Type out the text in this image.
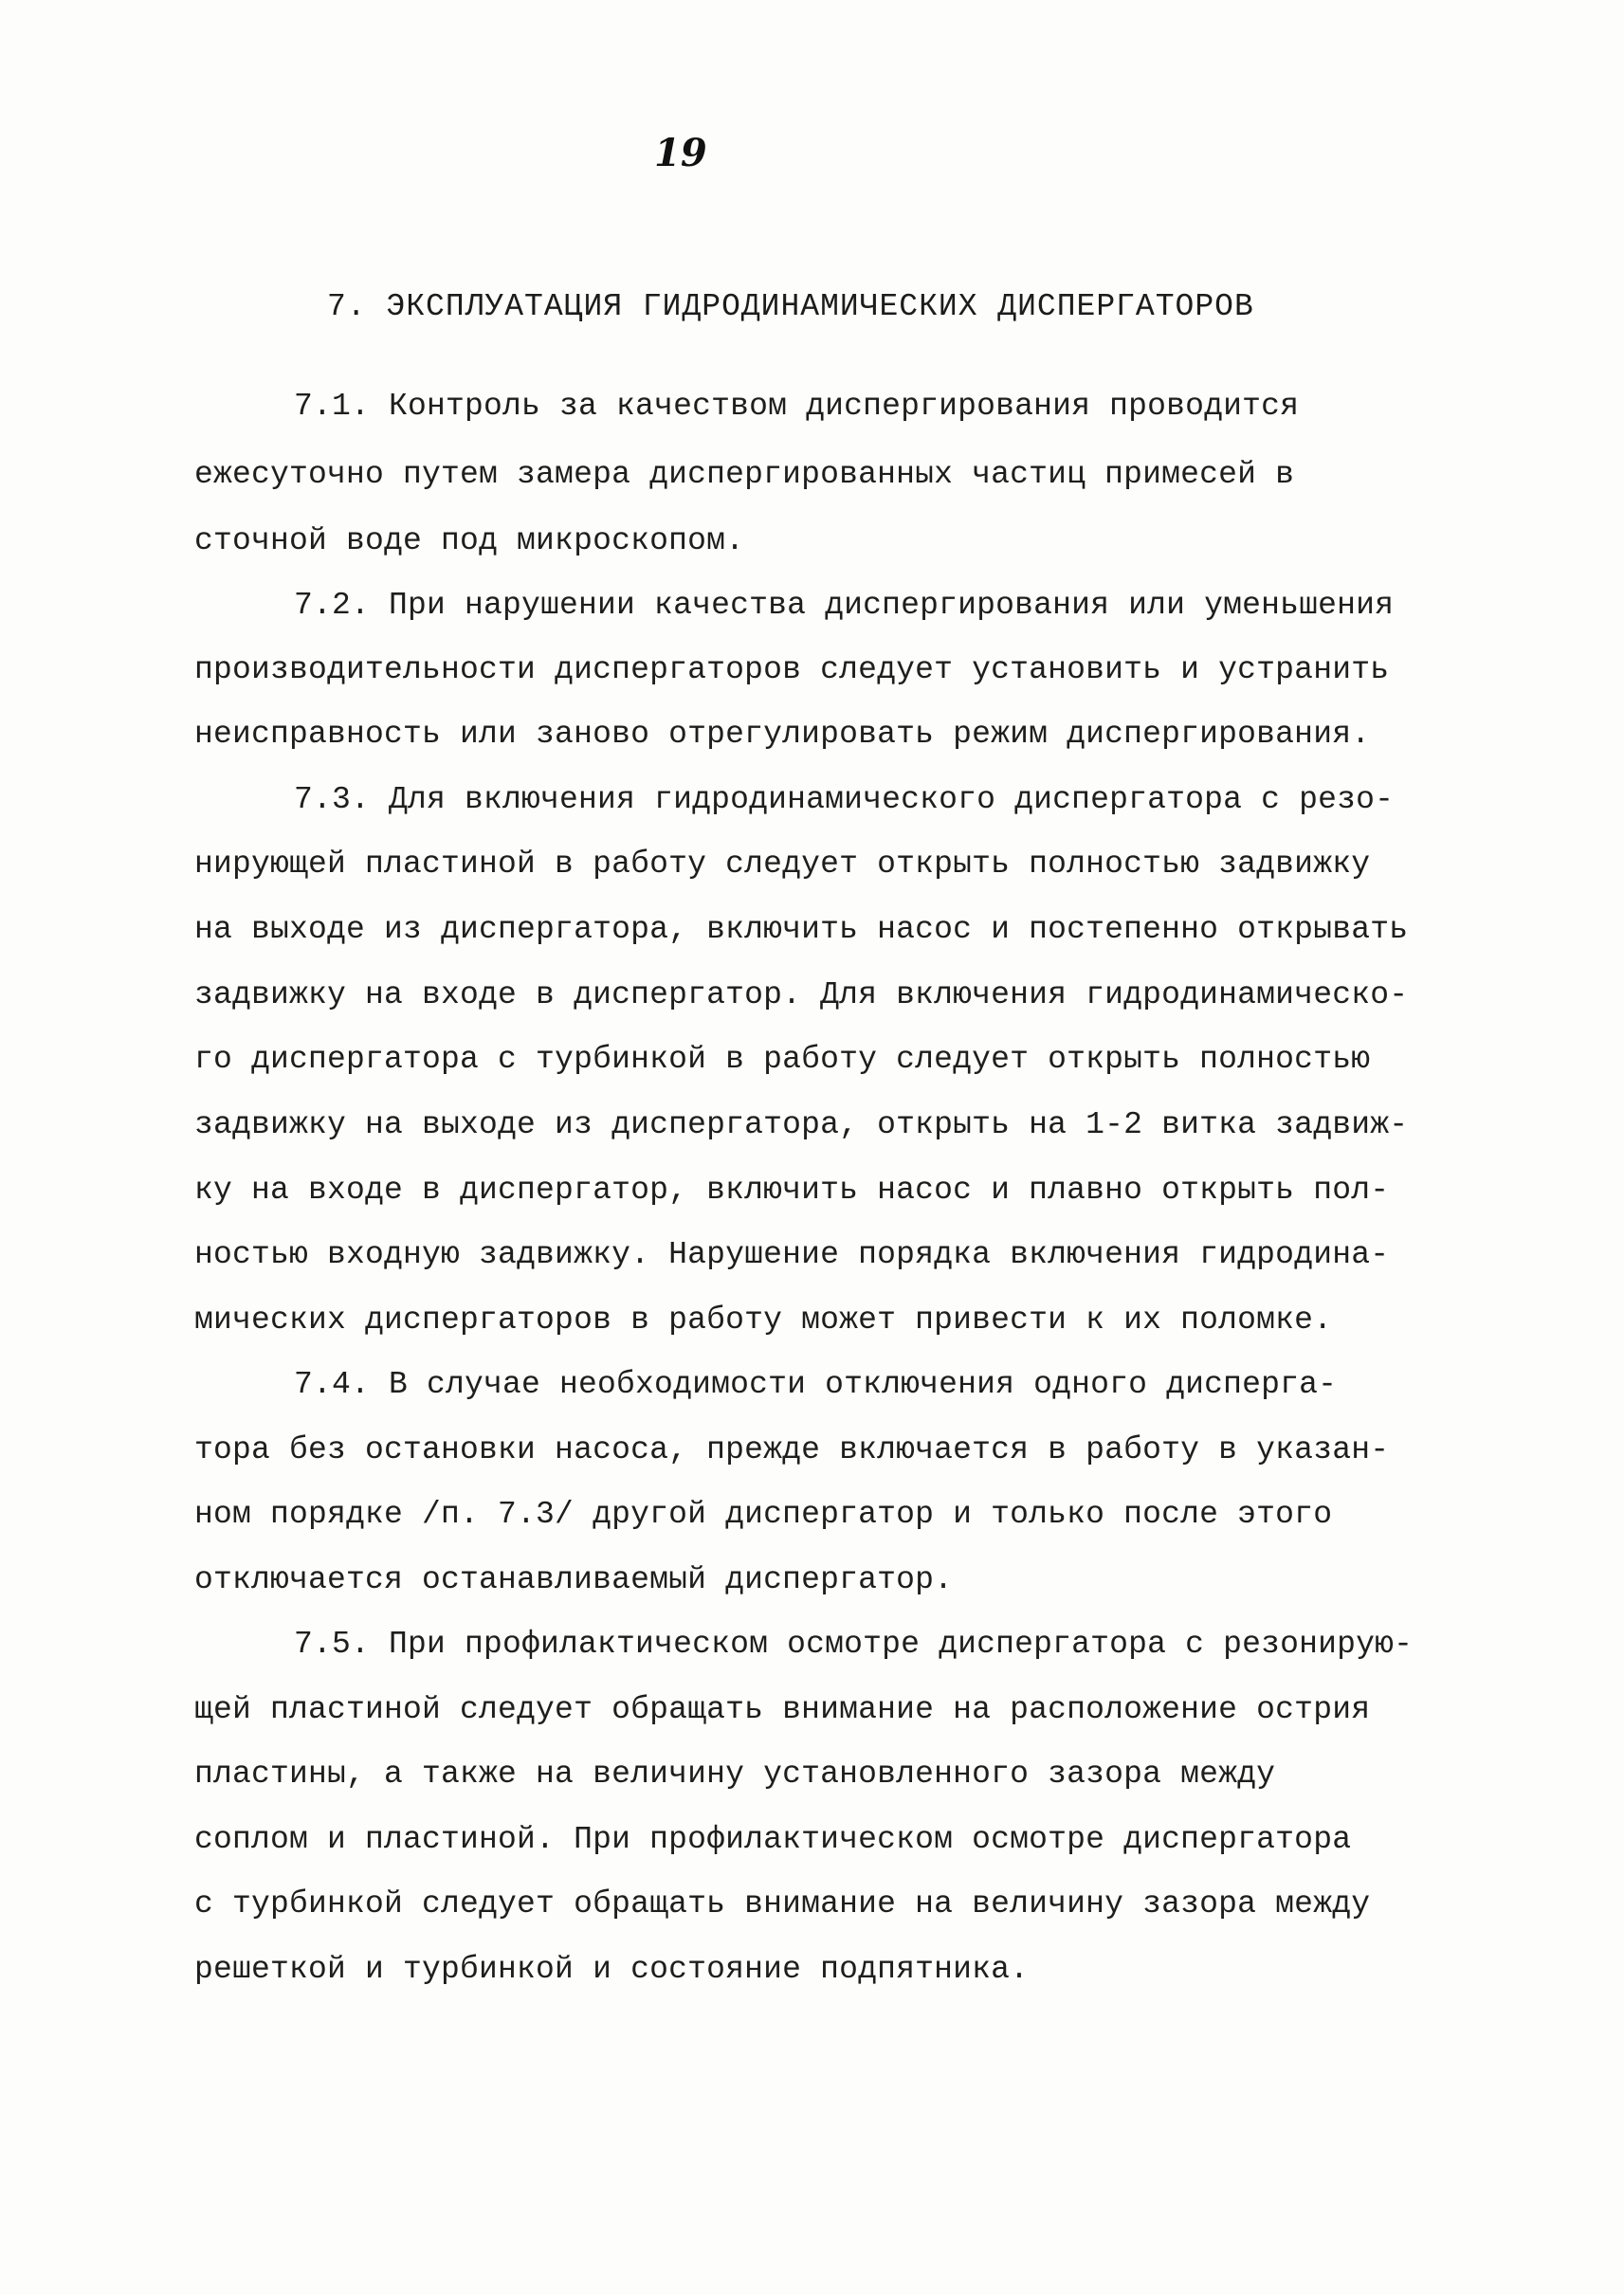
19
7. ЭКСПЛУАТАЦИЯ ГИДРОДИНАМИЧЕСКИХ ДИСПЕРГАТОРОВ
7.1. Контроль за качеством диспергирования проводится
ежесуточно путем замера диспергированных частиц примесей в
сточной воде под микроскопом.
7.2. При нарушении качества диспергирования или уменьшения
производительности диспергаторов следует установить и устранить
неисправность или заново отрегулировать режим диспергирования.
7.3. Для включения гидродинамического диспергатора с резо-
нирующей пластиной в работу следует открыть полностью задвижку
на выходе из диспергатора, включить насос и постепенно открывать
задвижку на входе в диспергатор. Для включения гидродинамическо-
го диспергатора с турбинкой в работу следует открыть полностью
задвижку на выходе из диспергатора, открыть на 1-2 витка задвиж-
ку на входе в диспергатор, включить насос и плавно открыть пол-
ностью входную задвижку. Нарушение порядка включения гидродина-
мических диспергаторов в работу может привести к их поломке.
7.4. В случае необходимости отключения одного диспергa-
тора без остановки насоса, прежде включается в работу в указан-
ном порядке /п. 7.3/ другой диспергатор и только после этого
отключается останавливаемый диспергатор.
7.5. При профилактическом осмотре диспергатора с резонирую-
щей пластиной следует обращать внимание на расположение острия
пластины, а также на величину установленного зазора между
соплом и пластиной. При профилактическом осмотре диспергатора
с турбинкой следует обращать внимание на величину зазора между
решеткой и турбинкой и состояние подпятника.
